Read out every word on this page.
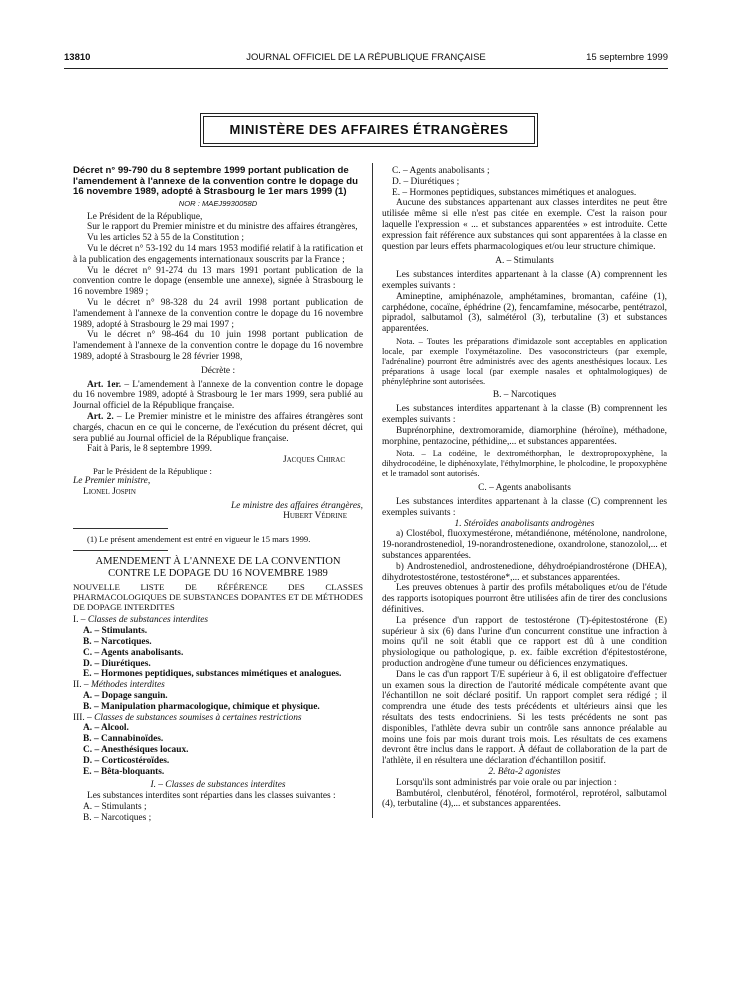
13810	JOURNAL OFFICIEL DE LA RÉPUBLIQUE FRANÇAISE	15 septembre 1999
MINISTÈRE DES AFFAIRES ÉTRANGÈRES

Décret n° 99-790 du 8 septembre 1999 portant publication de l'amendement à l'annexe de la convention contre le dopage du 16 novembre 1989, adopté à Strasbourg le 1er mars 1999 (1)

NOR : MAEJ9930058D

Le Président de la République,

Sur le rapport du Premier ministre et du ministre des affaires étrangères,

Vu les articles 52 à 55 de la Constitution ;

Vu le décret n° 53-192 du 14 mars 1953 modifié relatif à la ratification et à la publication des engagements internationaux souscrits par la France ;

Vu le décret n° 91-274 du 13 mars 1991 portant publication de la convention contre le dopage (ensemble une annexe), signée à Strasbourg le 16 novembre 1989 ;

Vu le décret n° 98-328 du 24 avril 1998 portant publication de l'amendement à l'annexe de la convention contre le dopage du 16 novembre 1989, adopté à Strasbourg le 29 mai 1997 ;

Vu le décret n° 98-464 du 10 juin 1998 portant publication de l'amendement à l'annexe de la convention contre le dopage du 16 novembre 1989, adopté à Strasbourg le 28 février 1998,

Décrète :

Art. 1er. – L'amendement à l'annexe de la convention contre le dopage du 16 novembre 1989, adopté à Strasbourg le 1er mars 1999, sera publié au Journal officiel de la République française.

Art. 2. – Le Premier ministre et le ministre des affaires étrangères sont chargés, chacun en ce qui le concerne, de l'exécution du présent décret, qui sera publié au Journal officiel de la République française.

Fait à Paris, le 8 septembre 1999.

Jacques Chirac

Par le Président de la République :

Le Premier ministre,

Lionel Jospin

Le ministre des affaires étrangères,

Hubert Védrine

(1) Le présent amendement est entré en vigueur le 15 mars 1999.

AMENDEMENT À L'ANNEXE DE LA CONVENTION CONTRE LE DOPAGE DU 16 NOVEMBRE 1989

NOUVELLE LISTE DE RÉFÉRENCE DES CLASSES PHARMACOLOGIQUES DE SUBSTANCES DOPANTES ET DE MÉTHODES DE DOPAGE INTERDITES

I. – Classes de substances interdites

A. – Stimulants.
B. – Narcotiques.
C. – Agents anabolisants.
D. – Diurétiques.
E. – Hormones peptidiques, substances mimétiques et analogues.

II. – Méthodes interdites

A. – Dopage sanguin.
B. – Manipulation pharmacologique, chimique et physique.

III. – Classes de substances soumises à certaines restrictions

A. – Alcool.
B. – Cannabinoïdes.
C. – Anesthésiques locaux.
D. – Corticostéroïdes.
E. – Bêta-bloquants.

I. – Classes de substances interdites

Les substances interdites sont réparties dans les classes suivantes :

A. – Stimulants ;
B. – Narcotiques ;
C. – Agents anabolisants ;
D. – Diurétiques ;
E. – Hormones peptidiques, substances mimétiques et analogues.

Aucune des substances appartenant aux classes interdites ne peut être utilisée même si elle n'est pas citée en exemple. C'est la raison pour laquelle l'expression « ... et substances apparentées » est introduite. Cette expression fait référence aux substances qui sont apparentées à la classe en question par leurs effets pharmacologiques et/ou leur structure chimique.

A. – Stimulants

Les substances interdites appartenant à la classe (A) comprennent les exemples suivants :

Amineptine, amiphénazole, amphétamines, bromantan, caféine (1), carphédone, cocaïne, éphédrine (2), fencamfamine, mésocarbe, pentétrazol, pipradol, salbutamol (3), salmétérol (3), terbutaline (3) et substances apparentées.

Nota. – Toutes les préparations d'imidazole sont acceptables en application locale, par exemple l'oxymétazoline. Des vasoconstricteurs (par exemple, l'adrénaline) pourront être administrés avec des agents anesthésiques locaux. Les préparations à usage local (par exemple nasales et ophtalmologiques) de phényléphrine sont autorisées.

B. – Narcotiques

Les substances interdites appartenant à la classe (B) comprennent les exemples suivants :

Buprénorphine, dextromoramide, diamorphine (héroïne), méthadone, morphine, pentazocine, péthidine,... et substances apparentées.

Nota. – La codéine, le dextrométhorphan, le dextropropoxyphène, la dihydrocodéine, le diphénoxylate, l'éthylmorphine, le pholcodine, le propoxyphène et le tramadol sont autorisés.

C. – Agents anabolisants

Les substances interdites appartenant à la classe (C) comprennent les exemples suivants :

1. Stéroïdes anabolisants androgènes

a) Clostébol, fluoxymestérone, métandiénone, méténolone, nandrolone, 19-norandrostenediol, 19-norandrostenedione, oxandrolone, stanozolol,... et substances apparentées.

b) Androstenediol, androstenedione, déhydroépiandrostérone (DHEA), dihydrotestostérone, testostérone*,... et substances apparentées.

Les preuves obtenues à partir des profils métaboliques et/ou de l'étude des rapports isotopiques pourront être utilisées afin de tirer des conclusions définitives.

La présence d'un rapport de testostérone (T)-épitestostérone (E) supérieur à six (6) dans l'urine d'un concurrent constitue une infraction à moins qu'il ne soit établi que ce rapport est dû à une condition physiologique ou pathologique, p. ex. faible excrétion d'épitestostérone, production androgène d'une tumeur ou déficiences enzymatiques.

Dans le cas d'un rapport T/E supérieur à 6, il est obligatoire d'effectuer un examen sous la direction de l'autorité médicale compétente avant que l'échantillon ne soit déclaré positif. Un rapport complet sera rédigé ; il comprendra une étude des tests précédents et ultérieurs ainsi que les résultats des tests endocriniens. Si les tests précédents ne sont pas disponibles, l'athlète devra subir un contrôle sans annonce préalable au moins une fois par mois durant trois mois. Les résultats de ces examens devront être inclus dans le rapport. À défaut de collaboration de la part de l'athlète, il en résultera une déclaration d'échantillon positif.

2. Bêta-2 agonistes

Lorsqu'ils sont administrés par voie orale ou par injection :

Bambutérol, clenbutérol, fénotérol, formotérol, reprotérol, salbutamol (4), terbutaline (4),... et substances apparentées.
